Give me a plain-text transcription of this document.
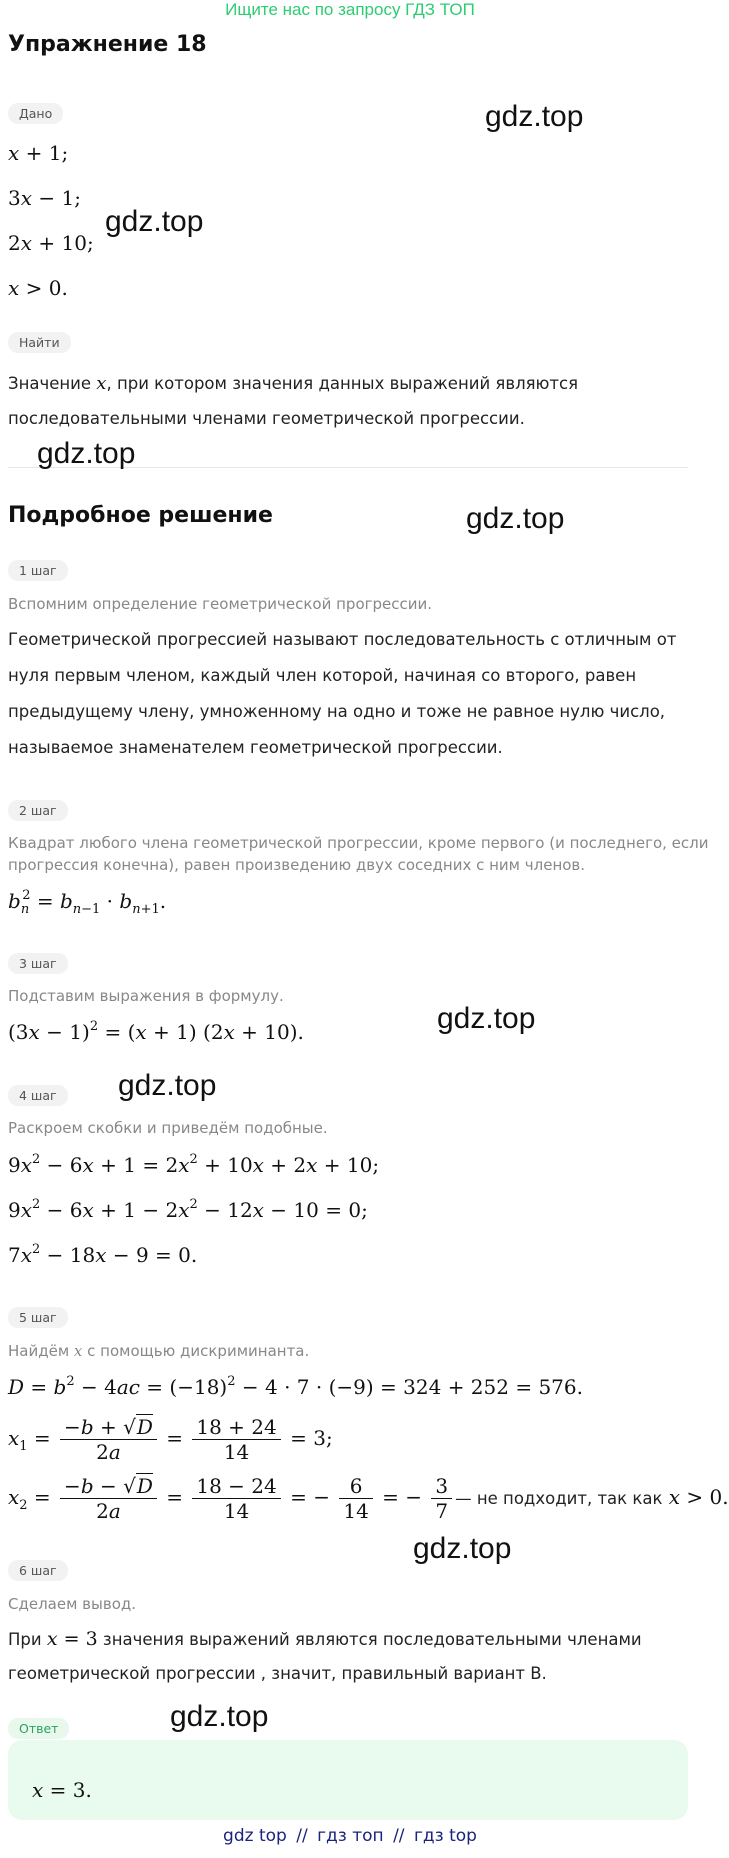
Ищите нас по запросу ГДЗ ТОП
Упражнение 18
Дано
x + 1;
3x − 1;
2x + 10;
x > 0.
Найти
Значение x, при котором значения данных выражений являются
последовательными членами геометрической прогрессии.
Подробное решение
1 шаг
Вспомним определение геометрической прогрессии.
Геометрической прогрессией называют последовательность с отличным от
нуля первым членом, каждый член которой, начиная со второго, равен
предыдущему члену, умноженному на одно и тоже не равное нулю число,
называемое знаменателем геометрической прогрессии.
2 шаг
Квадрат любого члена геометрической прогрессии, кроме первого (и последнего, если
прогрессия конечна), равен произведению двух соседних с ним членов.
$b_n^2 = b_{n-1} \cdot b_{n+1}$.
3 шаг
Подставим выражения в формулу.
$(3x - 1)^2 = (x + 1)$ (2x + 10).
4 шаг
Раскроем скобки и приведём подобные.
$9x^2 - 6x + 1 = 2x^2 + 10x + 2x + 10$;
$9x^2 - 6x + 1 - 2x^2 - 12x - 10 = 0$;
$7x^2 - 18x - 9 = 0$.
5 шаг
Найдём x с помощью дискриминанта.
$D = b^2 - 4ac = (-18)^2 - 4 \cdot 7 \cdot (-9) = 324 + 252 = 576$.
$x_1 = \frac{-b + √D}{2a} = \frac{18 + 24}{14} = 3$;
$x_2 = \frac{-b - √D}{2a} = \frac{18 - 24}{14}$ = − $\frac{6}{14}$ = − $\frac{3}{7}$ — не подходит, так как x > 0.
6 шаг
Сделаем вывод.
При x = 3 значения выражений являются последовательными членами
геометрической прогрессии , значит, правильный вариант В.
Ответ
x = 3.
gdz.top
gdz.top
gdz.top
gdz.top
gdz.top
gdz.top
gdz.top
gdz.top
gdz top // гдз топ // гдз top
